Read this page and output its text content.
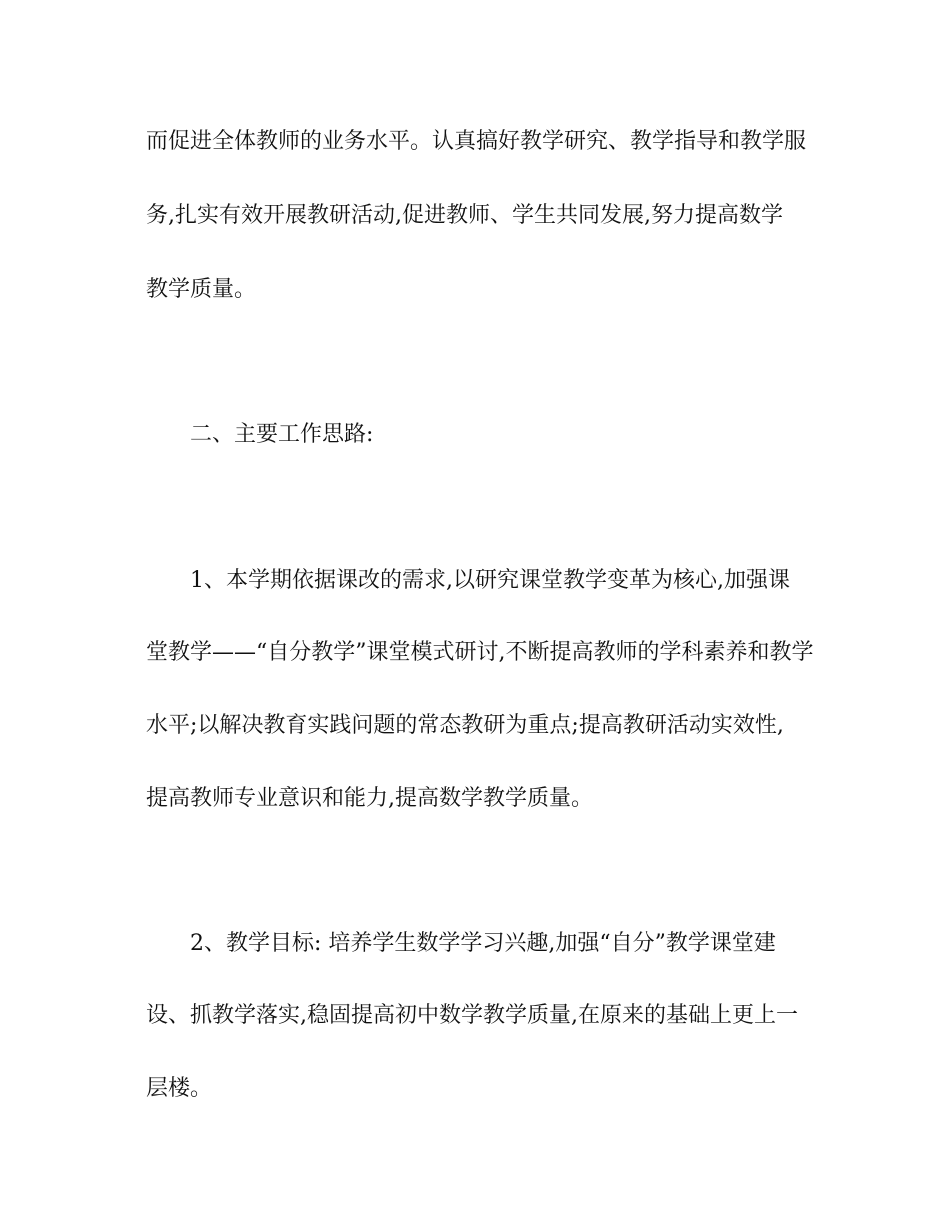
而促进全体教师的业务水平。认真搞好教学研究、教学指导和教学服
务,扎实有效开展教研活动,促进教师、学生共同发展,努力提高数学
教学质量。
二、主要工作思路:
1、本学期依据课改的需求,以研究课堂教学变革为核心,加强课
堂教学——“自分教学”课堂模式研讨,不断提高教师的学科素养和教学
水平;以解决教育实践问题的常态教研为重点;提高教研活动实效性,
提高教师专业意识和能力,提高数学教学质量。
2、教学目标: 培养学生数学学习兴趣,加强“自分”教学课堂建
设、抓教学落实,稳固提高初中数学教学质量,在原来的基础上更上一
层楼。
